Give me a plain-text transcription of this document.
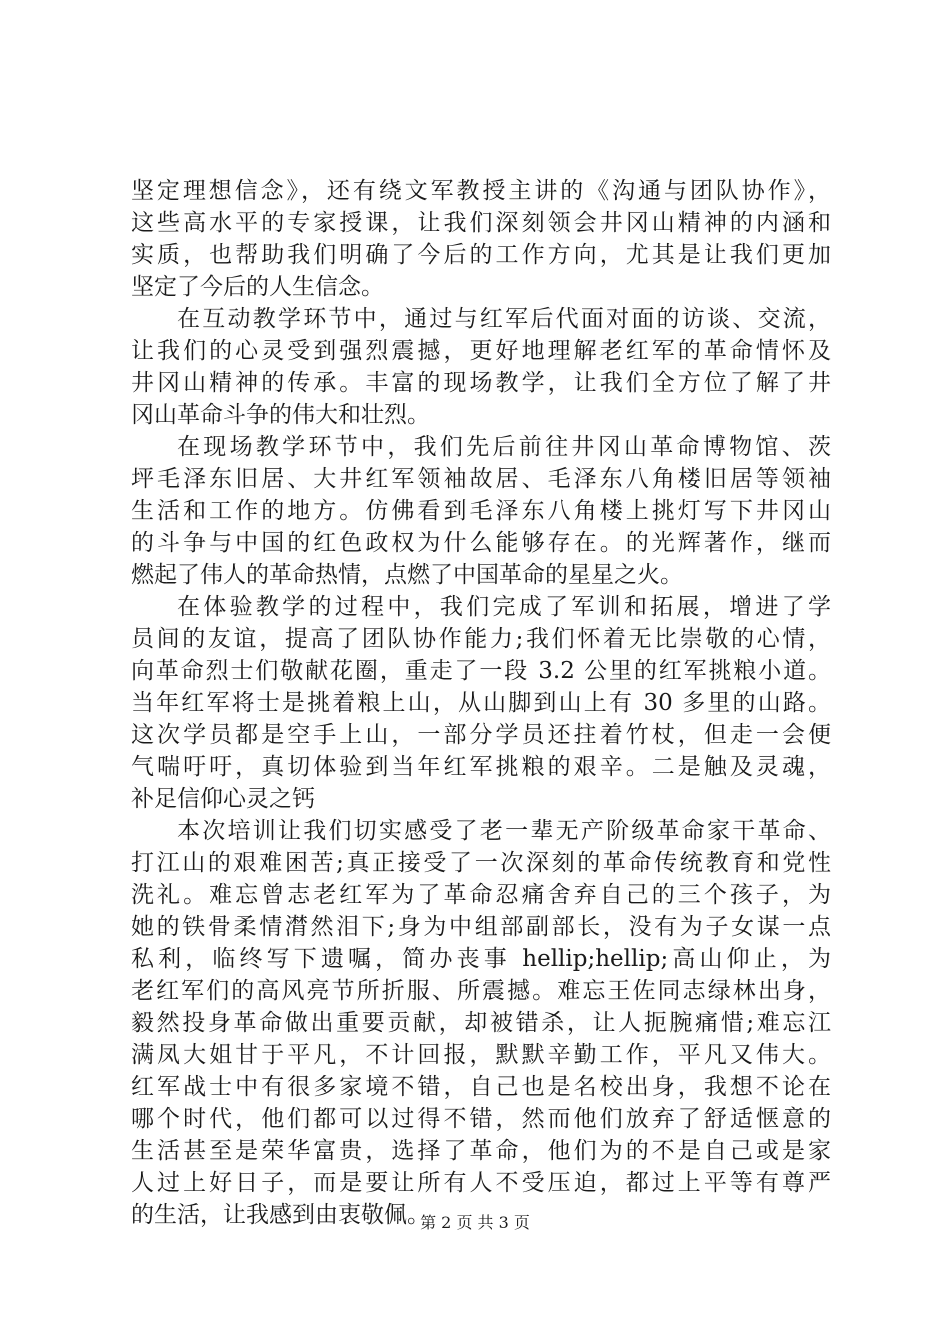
坚定理想信念》，还有绕文军教授主讲的《沟通与团队协作》，
这些高水平的专家授课，让我们深刻领会井冈山精神的内涵和
实质，也帮助我们明确了今后的工作方向，尤其是让我们更加
坚定了今后的人生信念。
在互动教学环节中，通过与红军后代面对面的访谈、交流，
让我们的心灵受到强烈震撼，更好地理解老红军的革命情怀及
井冈山精神的传承。丰富的现场教学，让我们全方位了解了井
冈山革命斗争的伟大和壮烈。
在现场教学环节中，我们先后前往井冈山革命博物馆、茨
坪毛泽东旧居、大井红军领袖故居、毛泽东八角楼旧居等领袖
生活和工作的地方。仿佛看到毛泽东八角楼上挑灯写下井冈山
的斗争与中国的红色政权为什么能够存在。的光辉著作，继而
燃起了伟人的革命热情，点燃了中国革命的星星之火。
在体验教学的过程中，我们完成了军训和拓展，增进了学
员间的友谊，提高了团队协作能力;我们怀着无比崇敬的心情，
向革命烈士们敬献花圈，重走了一段 3.2 公里的红军挑粮小道。
当年红军将士是挑着粮上山，从山脚到山上有 30 多里的山路。
这次学员都是空手上山，一部分学员还拄着竹杖，但走一会便
气喘吁吁，真切体验到当年红军挑粮的艰辛。二是触及灵魂，
补足信仰心灵之钙
本次培训让我们切实感受了老一辈无产阶级革命家干革命、
打江山的艰难困苦;真正接受了一次深刻的革命传统教育和党性
洗礼。难忘曾志老红军为了革命忍痛舍弃自己的三个孩子，为
她的铁骨柔情潸然泪下;身为中组部副部长，没有为子女谋一点
私利，临终写下遗嘱，简办丧事 hellip;hellip;高山仰止，为
老红军们的高风亮节所折服、所震撼。难忘王佐同志绿林出身，
毅然投身革命做出重要贡献，却被错杀，让人扼腕痛惜;难忘江
满凤大姐甘于平凡，不计回报，默默辛勤工作，平凡又伟大。
红军战士中有很多家境不错，自己也是名校出身，我想不论在
哪个时代，他们都可以过得不错，然而他们放弃了舒适惬意的
生活甚至是荣华富贵，选择了革命，他们为的不是自己或是家
人过上好日子，而是要让所有人不受压迫，都过上平等有尊严
的生活，让我感到由衷敬佩。
第 2 页 共 3 页
